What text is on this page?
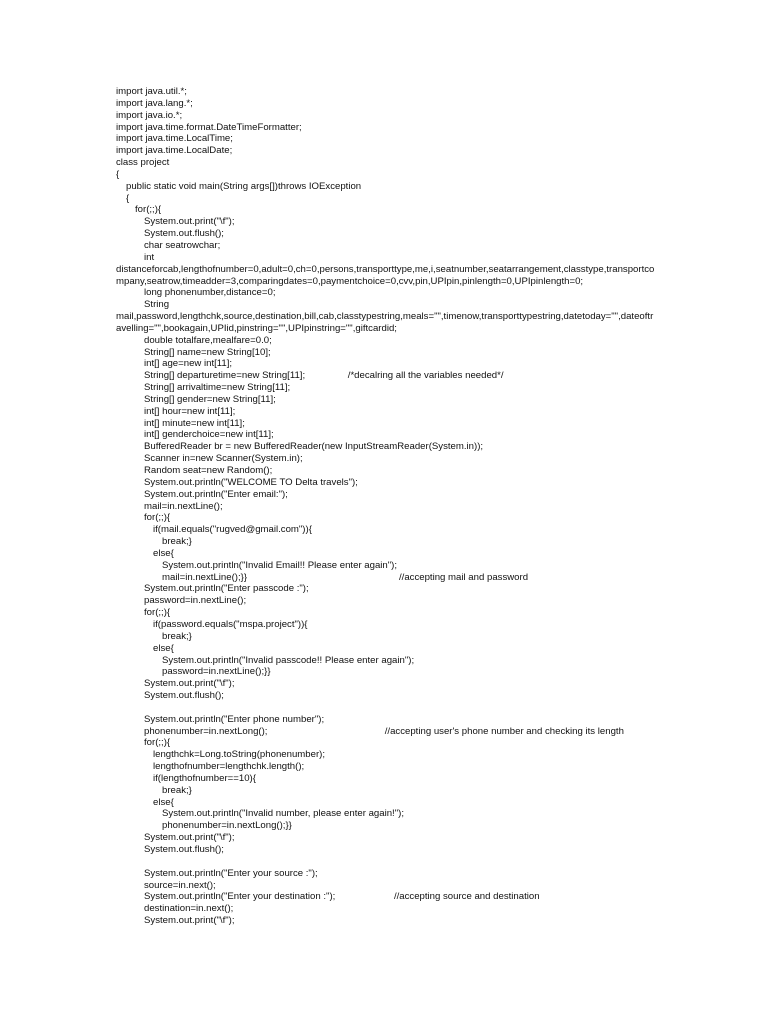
import java.util.*;
import java.lang.*;
import java.io.*;
import java.time.format.DateTimeFormatter;
import java.time.LocalTime;
import java.time.LocalDate;
class project
{
public static void main(String args[])throws IOException
{
for(;;){
System.out.print("\f");
System.out.flush();
char seatrowchar;
int
distanceforcab,lengthofnumber=0,adult=0,ch=0,persons,transporttype,me,i,seatnumber,seatarrangement,classtype,transportcompany,seatrow,timeadder=3,comparingdates=0,paymentchoice=0,cvv,pin,UPIpin,pinlength=0,UPIpinlength=0;
long phonenumber,distance=0;
String
mail,password,lengthchk,source,destination,bill,cab,classtypestring,meals="",timenow,transporttypestring,datetoday="",dateoftravelling="",bookagain,UPIid,pinstring="",UPIpinstring="",giftcardid;
double totalfare,mealfare=0.0;
String[] name=new String[10];
int[] age=new int[11];
String[] departuretime=new String[11];                /*decalring all the variables needed*/
String[] arrivaltime=new String[11];
String[] gender=new String[11];
int[] hour=new int[11];
int[] minute=new int[11];
int[] genderchoice=new int[11];
BufferedReader br = new BufferedReader(new InputStreamReader(System.in));
Scanner in=new Scanner(System.in);
Random seat=new Random();
System.out.println("WELCOME TO Delta travels");
System.out.println("Enter email:");
mail=in.nextLine();
for(;;){
if(mail.equals("rugved@gmail.com")){
break;}
else{
System.out.println("Invalid Email!! Please enter again");
mail=in.nextLine();}}                                                         //accepting mail and password
System.out.println("Enter passcode :");
password=in.nextLine();
for(;;){
if(password.equals("mspa.project")){
break;}
else{
System.out.println("Invalid passcode!! Please enter again");
password=in.nextLine();}}
System.out.print("\f");
System.out.flush();
System.out.println("Enter phone number");
phonenumber=in.nextLong();                                            //accepting user's phone number and checking its length
for(;;){
lengthchk=Long.toString(phonenumber);
lengthofnumber=lengthchk.length();
if(lengthofnumber==10){
break;}
else{
System.out.println("Invalid number, please enter again!");
phonenumber=in.nextLong();}}
System.out.print("\f");
System.out.flush();
System.out.println("Enter your source :");
source=in.next();
System.out.println("Enter your destination :");                      //accepting source and destination
destination=in.next();
System.out.print("\f");
